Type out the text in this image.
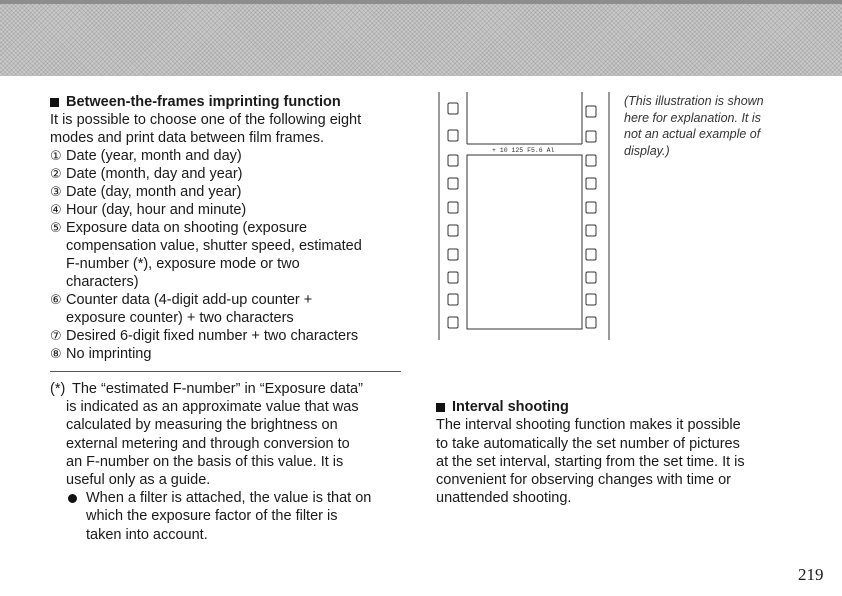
Between-the-frames imprinting function

It is possible to choose one of the following eight

modes and print data between film frames.

① Date (year, month and day)
② Date (month, day and year)
③ Date (day, month and year)
④ Hour (day, hour and minute)
⑤ Exposure data on shooting (exposure
compensation value, shutter speed, estimated
F-number (*), exposure mode or two
characters)
⑥ Counter data (4-digit add-up counter +
exposure counter) + two characters
⑦ Desired 6-digit fixed number + two characters
⑧ No imprinting
(*) The “estimated F-number” in “Exposure data”
is indicated as an approximate value that was
calculated by measuring the brightness on
external metering and through conversion to
an F-number on the basis of this value. It is
useful only as a guide.
When a filter is attached, the value is that on
which the exposure factor of the filter is
taken into account.
+ 10 125 F5.6 Al
(This illustration is shown
here for explanation. It is
not an actual example of
display.)
Interval shooting
The interval shooting function makes it possible
to take automatically the set number of pictures
at the set interval, starting from the set time. It is
convenient for observing changes with time or
unattended shooting.
219
